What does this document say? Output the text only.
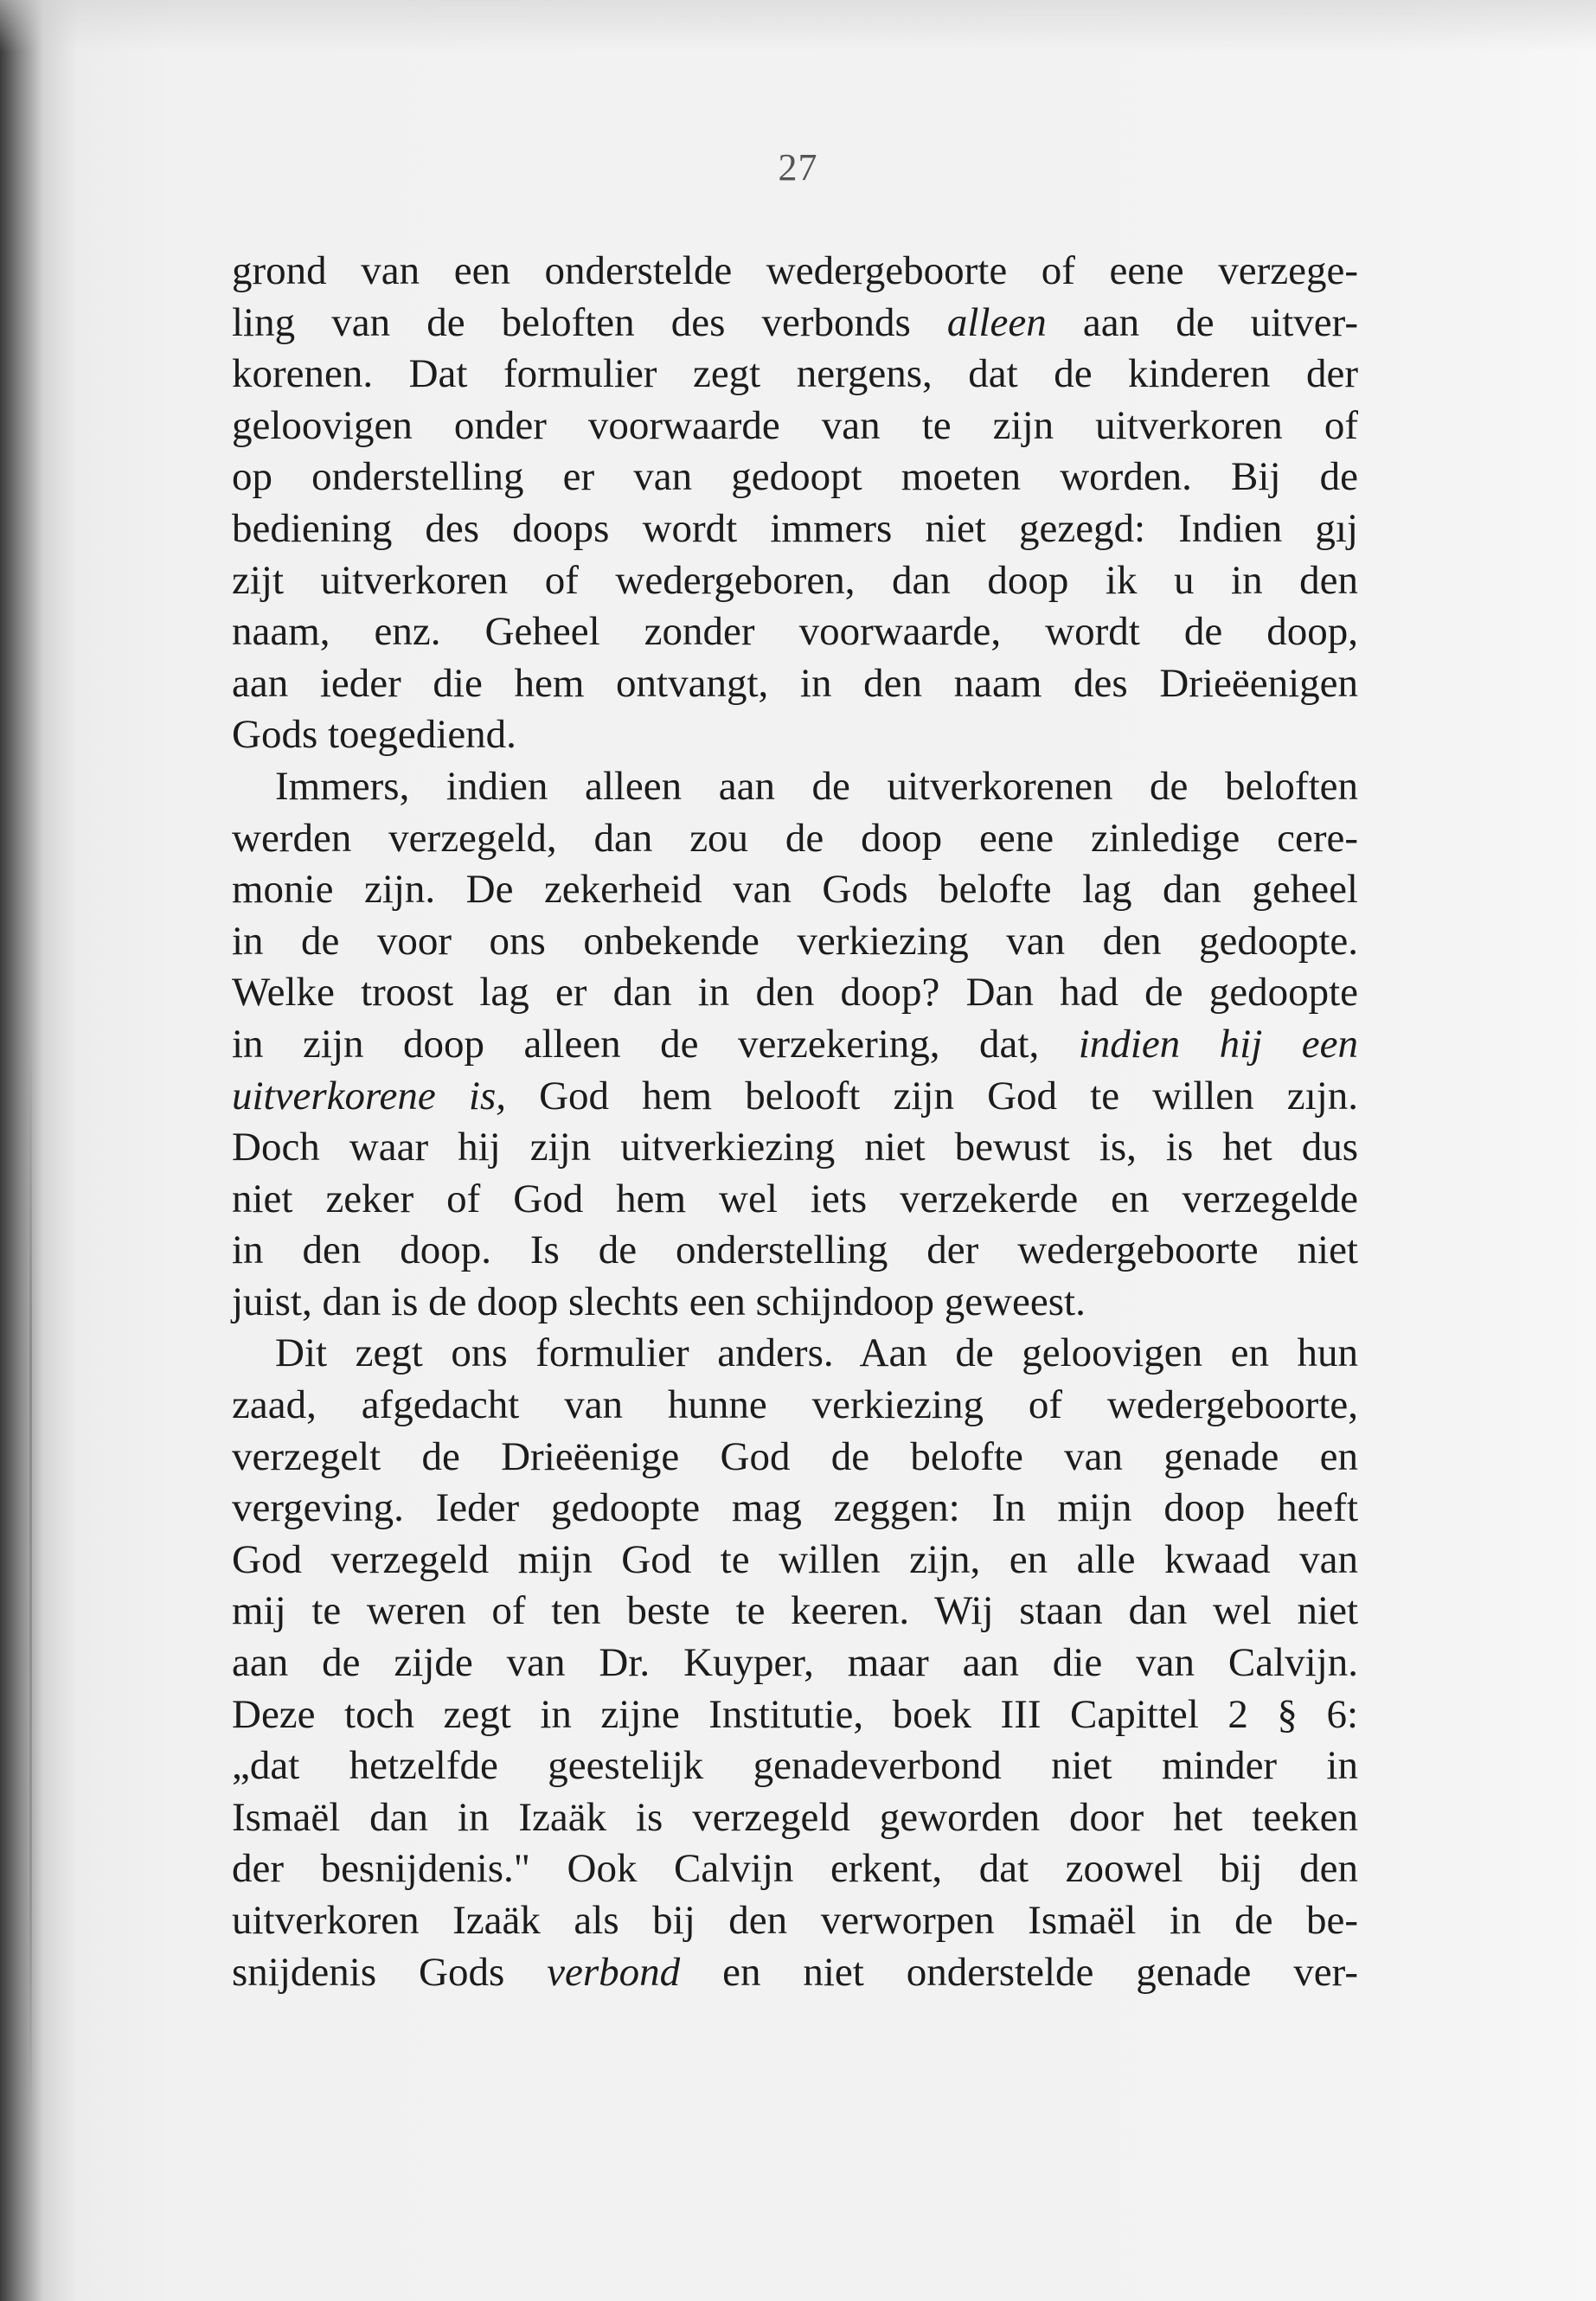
27
grond van een onderstelde wedergeboorte of eene verzege-
ling van de beloften des verbonds alleen aan de uitver-
korenen. Dat formulier zegt nergens, dat de kinderen der
geloovigen onder voorwaarde van te zijn uitverkoren of
op onderstelling er van gedoopt moeten worden. Bij de
bediening des doops wordt immers niet gezegd: Indien gıj
zijt uitverkoren of wedergeboren, dan doop ik u in den
naam, enz. Geheel zonder voorwaarde, wordt de doop,
aan ieder die hem ontvangt, in den naam des Drieëenigen
Gods toegediend.
Immers, indien alleen aan de uitverkorenen de beloften
werden verzegeld, dan zou de doop eene zinledige cere-
monie zijn. De zekerheid van Gods belofte lag dan geheel
in de voor ons onbekende verkiezing van den gedoopte.
Welke troost lag er dan in den doop? Dan had de gedoopte
in zijn doop alleen de verzekering, dat, indien hij een
uitverkorene is, God hem belooft zijn God te willen zıjn.
Doch waar hij zijn uitverkiezing niet bewust is, is het dus
niet zeker of God hem wel iets verzekerde en verzegelde
in den doop. Is de onderstelling der wedergeboorte niet
juist, dan is de doop slechts een schijndoop geweest.
Dit zegt ons formulier anders. Aan de geloovigen en hun
zaad, afgedacht van hunne verkiezing of wedergeboorte,
verzegelt de Drieëenige God de belofte van genade en
vergeving. Ieder gedoopte mag zeggen: In mijn doop heeft
God verzegeld mijn God te willen zijn, en alle kwaad van
mij te weren of ten beste te keeren. Wij staan dan wel niet
aan de zijde van Dr. Kuyper, maar aan die van Calvijn.
Deze toch zegt in zijne Institutie, boek III Capittel 2 § 6:
„dat hetzelfde geestelijk genadeverbond niet minder in
Ismaël dan in Izaäk is verzegeld geworden door het teeken
der besnijdenis." Ook Calvijn erkent, dat zoowel bij den
uitverkoren Izaäk als bij den verworpen Ismaël in de be-
snijdenis Gods verbond en niet onderstelde genade ver-
